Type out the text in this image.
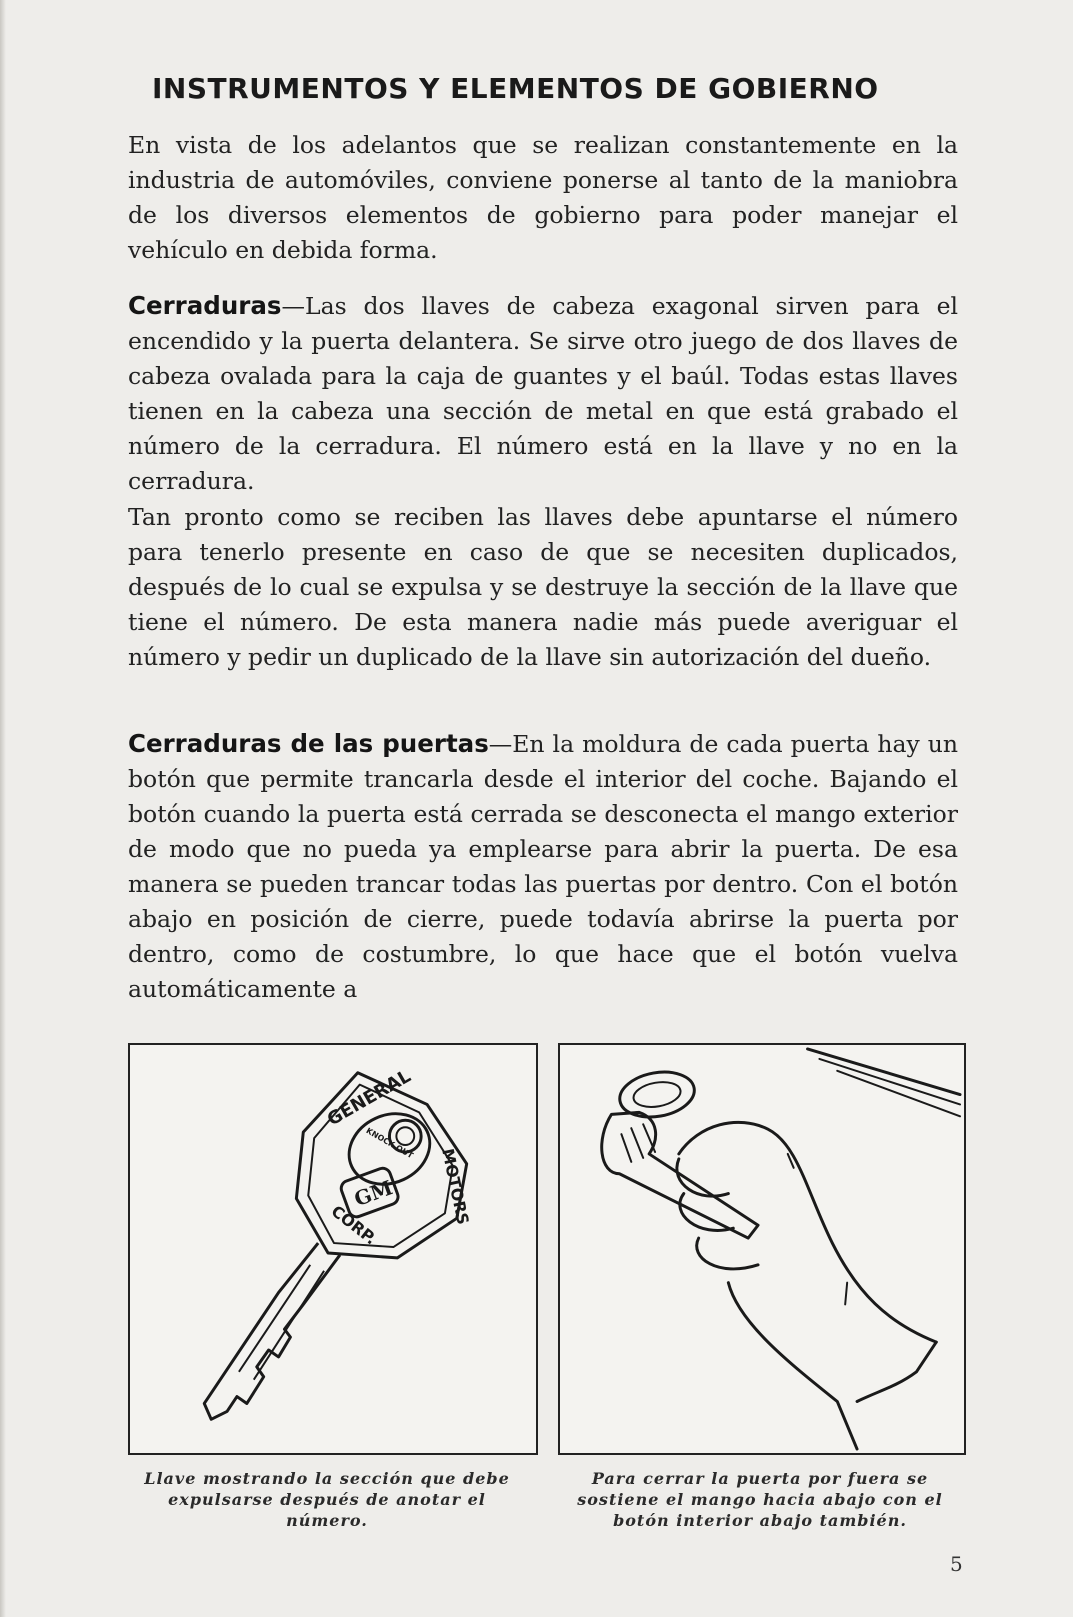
INSTRUMENTOS Y ELEMENTOS DE GOBIERNO

En vista de los adelantos que se realizan constantemente en la industria de automóviles, conviene ponerse al tanto de la maniobra de los diversos elementos de gobierno para poder manejar el vehículo en debida forma.

Cerraduras—Las dos llaves de cabeza exagonal sirven para el encendido y la puerta delantera. Se sirve otro juego de dos llaves de cabeza ovalada para la caja de guantes y el baúl. Todas estas llaves tienen en la cabeza una sección de metal en que está grabado el número de la cerradura. El número está en la llave y no en la cerradura.

Tan pronto como se reciben las llaves debe apuntarse el número para tenerlo presente en caso de que se necesiten duplicados, después de lo cual se expulsa y se destruye la sección de la llave que tiene el número. De esta manera nadie más puede averiguar el número y pedir un duplicado de la llave sin autorización del dueño.

Cerraduras de las puertas—En la moldura de cada puerta hay un botón que permite trancarla desde el interior del coche. Bajando el botón cuando la puerta está cerrada se desconecta el mango exterior de modo que no pueda ya emplearse para abrir la puerta. De esa manera se pueden trancar todas las puertas por dentro. Con el botón abajo en posición de cierre, puede todavía abrirse la puerta por dentro, como de costumbre, lo que hace que el botón vuelva automáticamente a

GENERAL
MOTORS
CORP.
KNOCK OUT
GM
Llave mostrando la sección que debe expulsarse después de anotar el número.
Para cerrar la puerta por fuera se sostiene el mango hacia abajo con el botón interior abajo también.
5
